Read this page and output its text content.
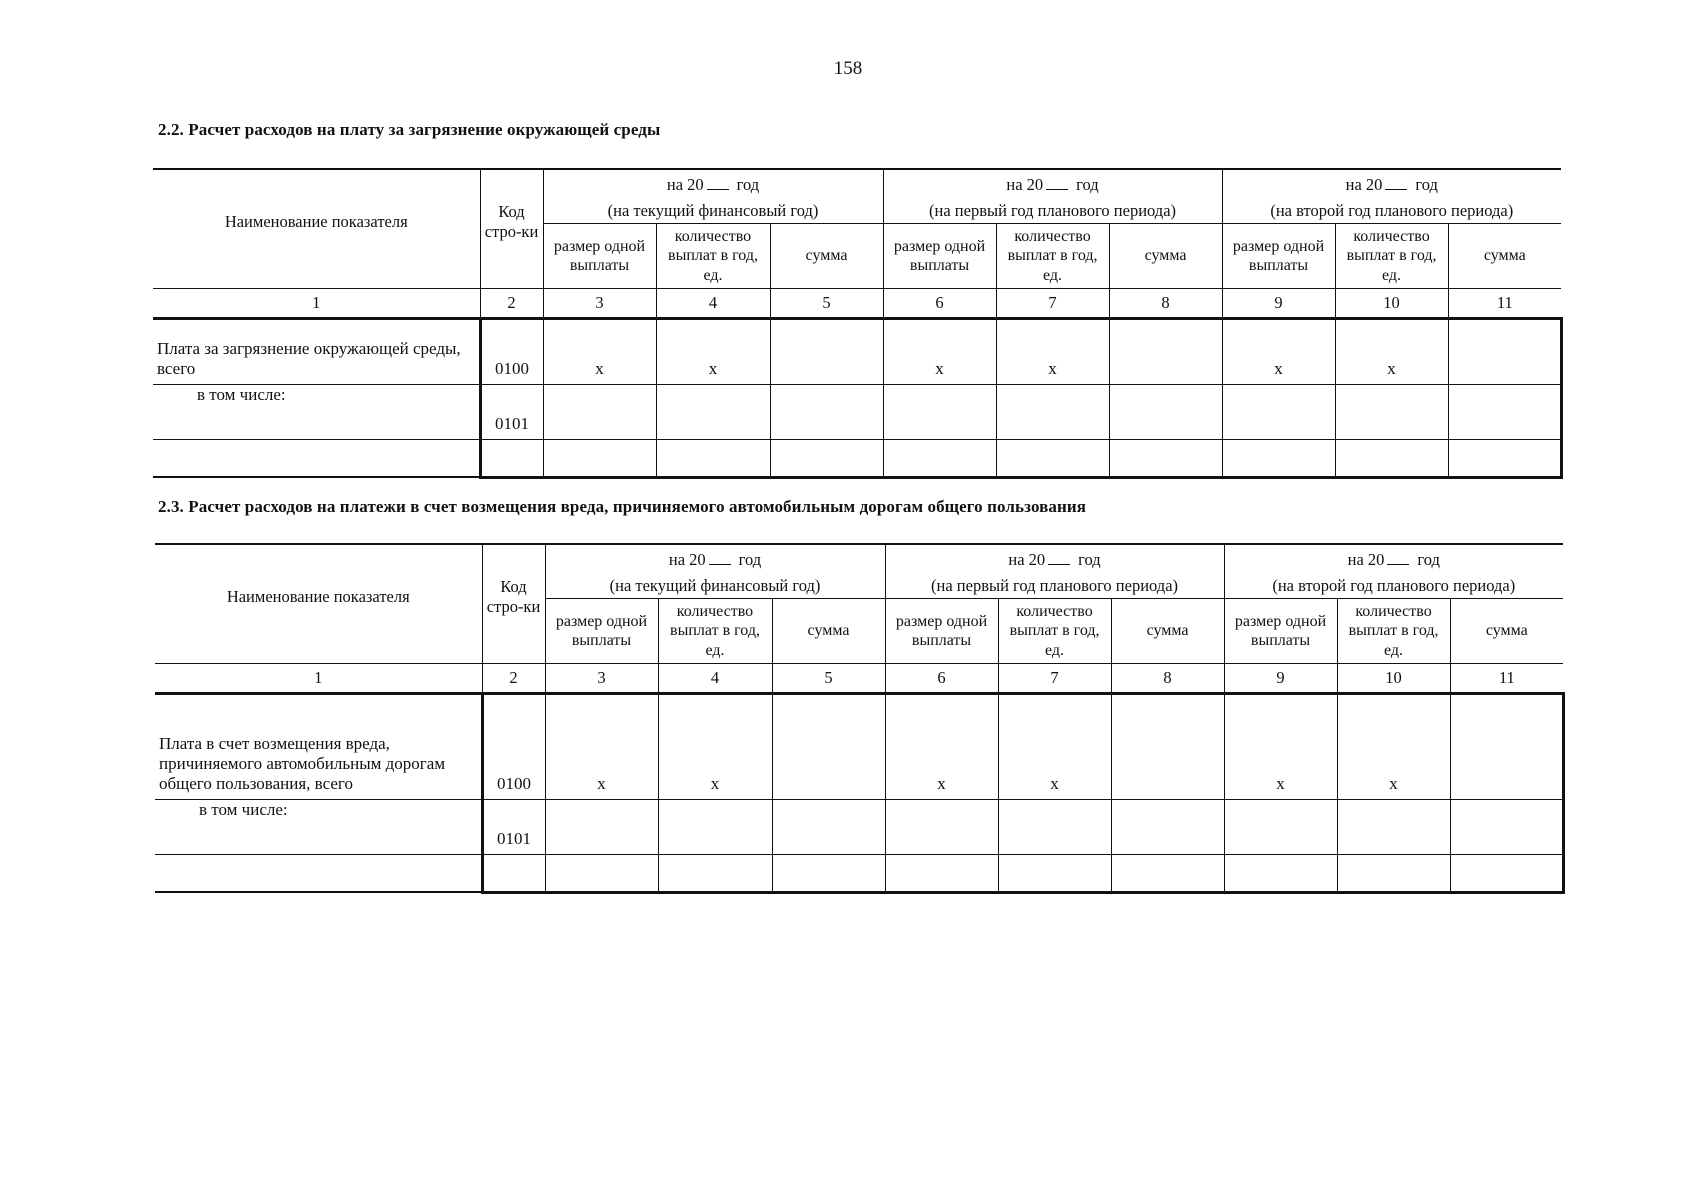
158
2.2. Расчет расходов на плату за загрязнение окружающей среды
Наименование показателя	Код стро-ки	на 20 год
(на текущий финансовый год)			на 20 год
(на первый год планового периода)			на 20 год
(на второй год планового периода)		
		размер одной выплаты	количество выплат в год, ед.	сумма	размер одной выплаты	количество выплат в год, ед.	сумма	размер одной выплаты	количество выплат в год, ед.	сумма
1	2	3	4	5	6	7	8	9	10	11
Плата за загрязнение окружающей среды, всего	0100	x	x		x	x		x	x	
в том числе:	0101									

2.3. Расчет расходов на платежи в счет возмещения вреда, причиняемого автомобильным дорогам общего пользования
Наименование показателя	Код стро-ки	на 20 год
(на текущий финансовый год)			на 20 год
(на первый год планового периода)			на 20 год
(на второй год планового периода)		
		размер одной выплаты	количество выплат в год, ед.	сумма	размер одной выплаты	количество выплат в год, ед.	сумма	размер одной выплаты	количество выплат в год, ед.	сумма
1	2	3	4	5	6	7	8	9	10	11
Плата в счет возмещения вреда, причиняемого автомобильным дорогам общего пользования, всего	0100	x	x		x	x		x	x	
в том числе:	0101									
